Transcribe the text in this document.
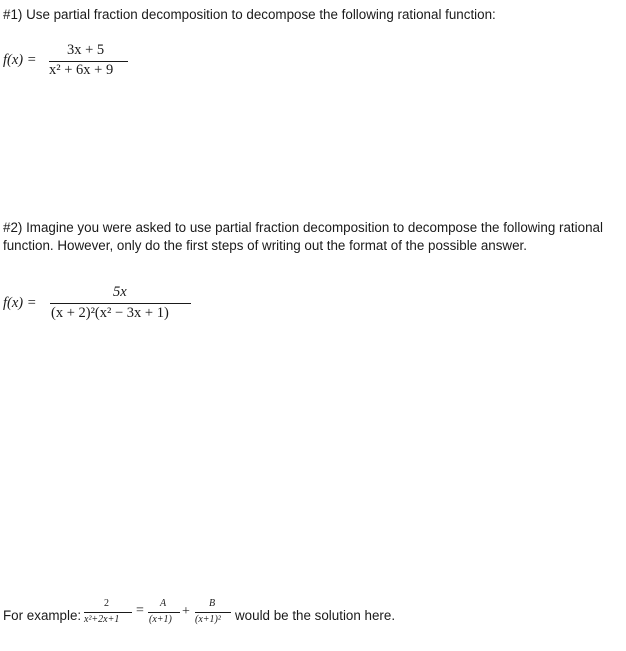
#1) Use partial fraction decomposition to decompose the following rational function:
f(x) =
3x + 5
x² + 6x + 9
#2) Imagine you were asked to use partial fraction decomposition to decompose the following rational
function. However, only do the first steps of writing out the format of the possible answer.
f(x) =
5x
(x + 2)²(x² − 3x + 1)
For example:
2
x²+2x+1
= A
(x+1)
+
B
(x+1)² would be the solution here.
